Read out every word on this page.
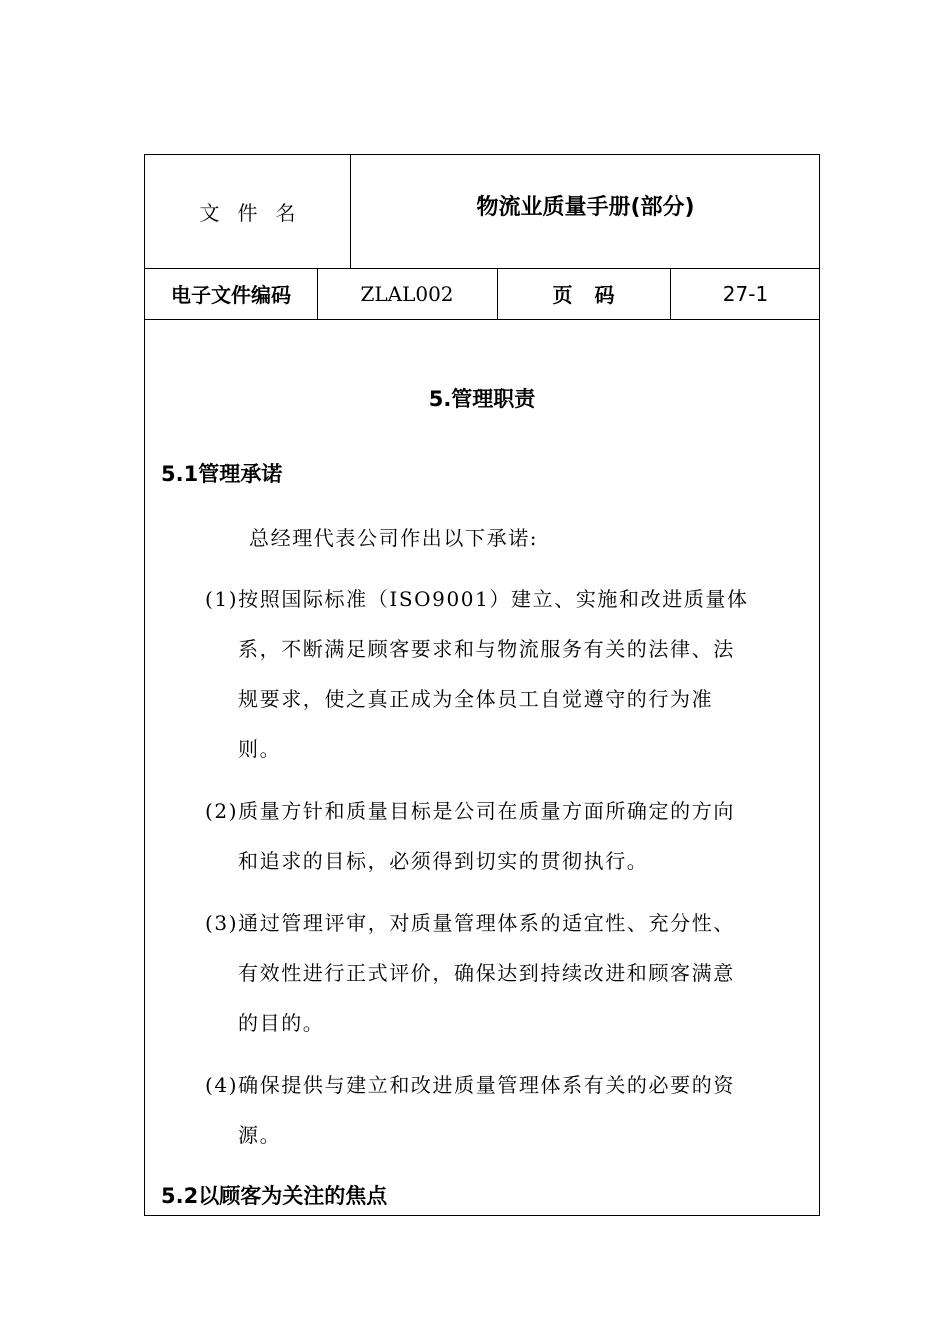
文件名	物流业质量手册(部分)
电子文件编码	ZLAL002	页码	27-1
5.管理职责
5.1管理承诺
总经理代表公司作出以下承诺:
(1)按照国际标准（ISO9001）建立、实施和改进质量体
系，不断满足顾客要求和与物流服务有关的法律、法
规要求，使之真正成为全体员工自觉遵守的行为准
则。
(2)质量方针和质量目标是公司在质量方面所确定的方向
和追求的目标，必须得到切实的贯彻执行。
(3)通过管理评审，对质量管理体系的适宜性、充分性、
有效性进行正式评价，确保达到持续改进和顾客满意
的目的。
(4)确保提供与建立和改进质量管理体系有关的必要的资
源。
5.2以顾客为关注的焦点
